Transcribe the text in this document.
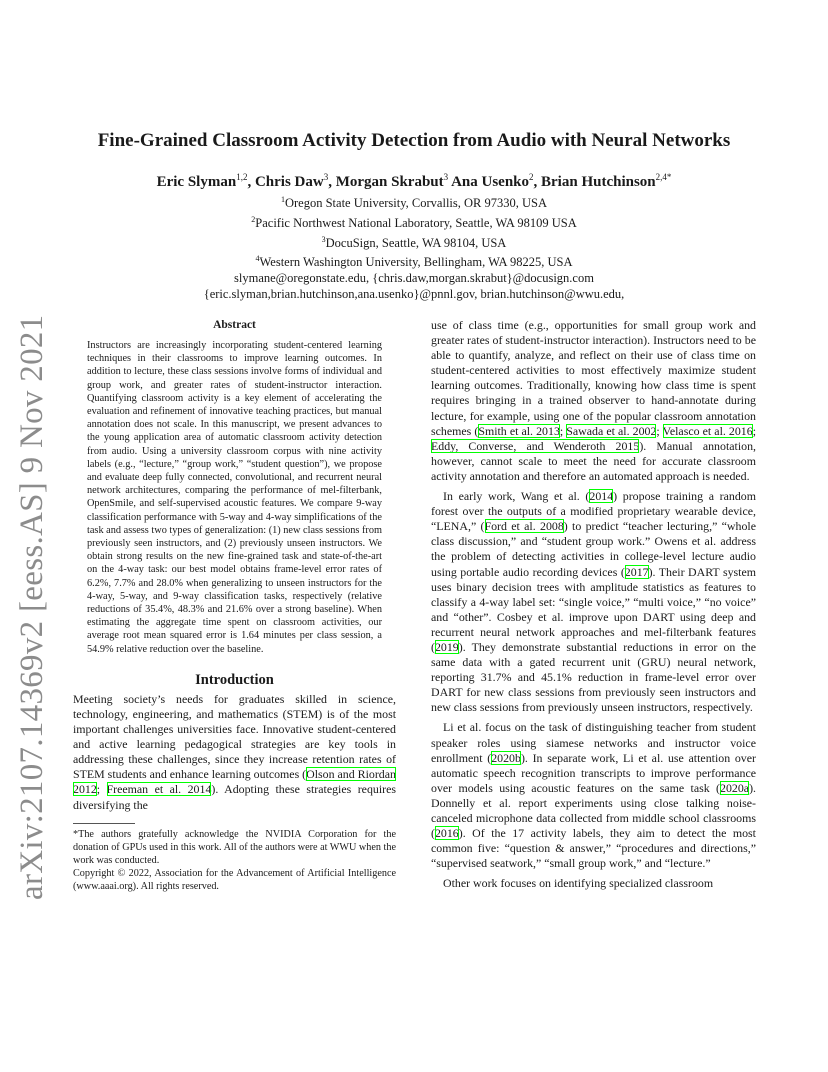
arXiv:2107.14369v2 [eess.AS] 9 Nov 2021
Fine-Grained Classroom Activity Detection from Audio with Neural Networks
Eric Slyman$^{1,2}$, Chris Daw$^3$, Morgan Skrabut$^3$ Ana Usenko$^2$, Brian Hutchinson$^{2,4*}$
$^1$Oregon State University, Corvallis, OR 97330, USA
$^2$Pacific Northwest National Laboratory, Seattle, WA 98109 USA
$^3$DocuSign, Seattle, WA 98104, USA
$^4$Western Washington University, Bellingham, WA 98225, USA
slymane@oregonstate.edu, {chris.daw,morgan.skrabut}@docusign.com
{eric.slyman,brian.hutchinson,ana.usenko}@pnnl.gov, brian.hutchinson@wwu.edu,
Abstract
Instructors are increasingly incorporating student-centered learning techniques in their classrooms to improve learning outcomes. In addition to lecture, these class sessions involve forms of individual and group work, and greater rates of student-instructor interaction. Quantifying classroom activity is a key element of accelerating the evaluation and refinement of innovative teaching practices, but manual annotation does not scale. In this manuscript, we present advances to the young application area of automatic classroom activity detection from audio. Using a university classroom corpus with nine activity labels (e.g., “lecture,” “group work,” “student question”), we propose and evaluate deep fully connected, convolutional, and recurrent neural network architectures, comparing the performance of mel-filterbank, OpenSmile, and self-supervised acoustic features. We compare 9-way classification performance with 5-way and 4-way simplifications of the task and assess two types of generalization: (1) new class sessions from previously seen instructors, and (2) previously unseen instructors. We obtain strong results on the new fine-grained task and state-of-the-art on the 4-way task: our best model obtains frame-level error rates of 6.2%, 7.7% and 28.0% when generalizing to unseen instructors for the 4-way, 5-way, and 9-way classification tasks, respectively (relative reductions of 35.4%, 48.3% and 21.6% over a strong baseline). When estimating the aggregate time spent on classroom activities, our average root mean squared error is 1.64 minutes per class session, a 54.9% relative reduction over the baseline.
Introduction

Meeting society’s needs for graduates skilled in science, technology, engineering, and mathematics (STEM) is of the most important challenges universities face. Innovative student-centered and active learning pedagogical strategies are key tools in addressing these challenges, since they increase retention rates of STEM students and enhance learning outcomes (Olson and Riordan 2012; Freeman et al. 2014). Adopting these strategies requires diversifying the

*The authors gratefully acknowledge the NVIDIA Corporation for the donation of GPUs used in this work. All of the authors were at WWU when the work was conducted.
Copyright © 2022, Association for the Advancement of Artificial Intelligence (www.aaai.org). All rights reserved.

use of class time (e.g., opportunities for small group work and greater rates of student-instructor interaction). Instructors need to be able to quantify, analyze, and reflect on their use of class time on student-centered activities to most effectively maximize student learning outcomes. Traditionally, knowing how class time is spent requires bringing in a trained observer to hand-annotate during lecture, for example, using one of the popular classroom annotation schemes (Smith et al. 2013; Sawada et al. 2002; Velasco et al. 2016; Eddy, Converse, and Wenderoth 2015). Manual annotation, however, cannot scale to meet the need for accurate classroom activity annotation and therefore an automated approach is needed.

In early work, Wang et al. (2014) propose training a random forest over the outputs of a modified proprietary wearable device, “LENA,” (Ford et al. 2008) to predict “teacher lecturing,” “whole class discussion,” and “student group work.” Owens et al. address the problem of detecting activities in college-level lecture audio using portable audio recording devices (2017). Their DART system uses binary decision trees with amplitude statistics as features to classify a 4-way label set: “single voice,” “multi voice,” “no voice” and “other”. Cosbey et al. improve upon DART using deep and recurrent neural network approaches and mel-filterbank features (2019). They demonstrate substantial reductions in error on the same data with a gated recurrent unit (GRU) neural network, reporting 31.7% and 45.1% reduction in frame-level error over DART for new class sessions from previously seen instructors and new class sessions from previously unseen instructors, respectively.

Li et al. focus on the task of distinguishing teacher from student speaker roles using siamese networks and instructor voice enrollment (2020b). In separate work, Li et al. use attention over automatic speech recognition transcripts to improve performance over models using acoustic features on the same task (2020a). Donnelly et al. report experiments using close talking noise-canceled microphone data collected from middle school classrooms (2016). Of the 17 activity labels, they aim to detect the most common five: “question & answer,” “procedures and directions,” “supervised seatwork,” “small group work,” and “lecture.”

Other work focuses on identifying specialized classroom
